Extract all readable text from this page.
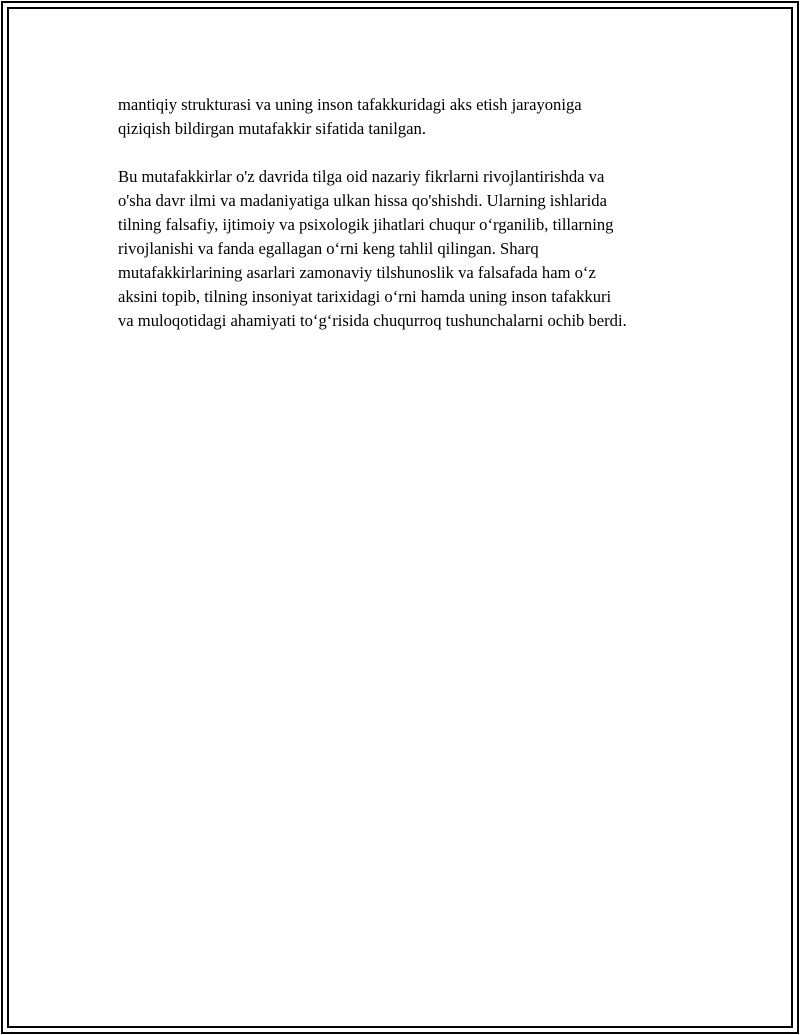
mantiqiy strukturasi va uning inson tafakkuridagi aks etish jarayoniga
qiziqish bildirgan mutafakkir sifatida tanilgan.

Bu mutafakkirlar o'z davrida tilga oid nazariy fikrlarni rivojlantirishda va
o'sha davr ilmi va madaniyatiga ulkan hissa qo'shishdi. Ularning ishlarida
tilning falsafiy, ijtimoiy va psixologik jihatlari chuqur o‘rganilib, tillarning
rivojlanishi va fanda egallagan o‘rni keng tahlil qilingan. Sharq
mutafakkirlarining asarlari zamonaviy tilshunoslik va falsafada ham o‘z
aksini topib, tilning insoniyat tarixidagi o‘rni hamda uning inson tafakkuri
va muloqotidagi ahamiyati to‘g‘risida chuqurroq tushunchalarni ochib berdi.
